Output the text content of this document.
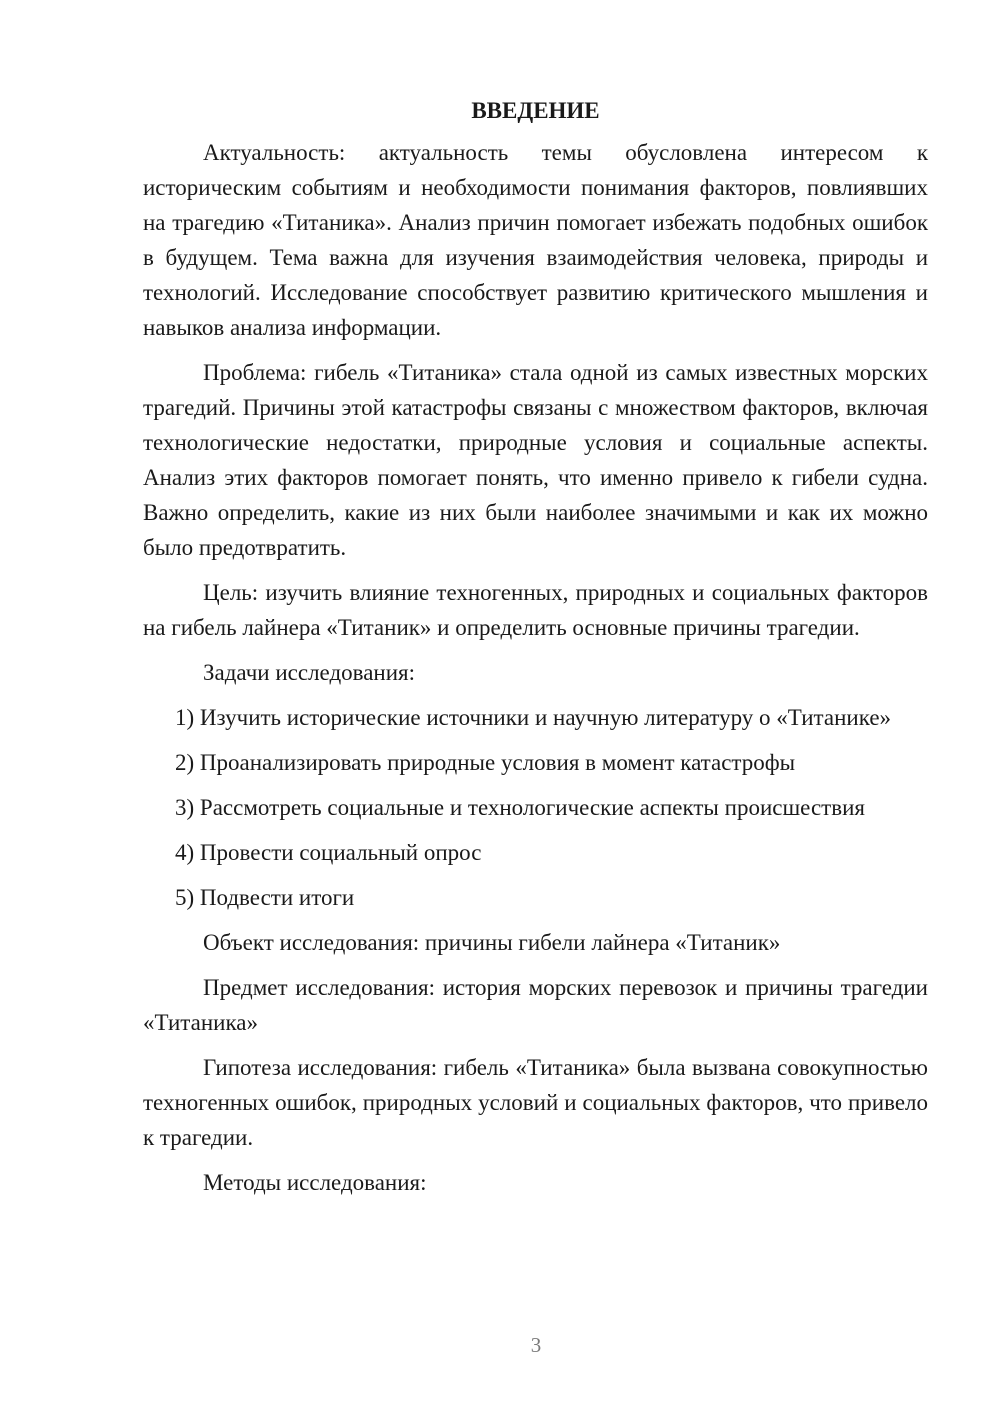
ВВЕДЕНИЕ

Актуальность: актуальность темы обусловлена интересом к историческим событиям и необходимости понимания факторов, повлиявших на трагедию «Титаника». Анализ причин помогает избежать подобных ошибок в будущем. Тема важна для изучения взаимодействия человека, природы и технологий. Исследование способствует развитию критического мышления и навыков анализа информации.

Проблема: гибель «Титаника» стала одной из самых известных морских трагедий. Причины этой катастрофы связаны с множеством факторов, включая технологические недостатки, природные условия и социальные аспекты. Анализ этих факторов помогает понять, что именно привело к гибели судна. Важно определить, какие из них были наиболее значимыми и как их можно было предотвратить.

Цель: изучить влияние техногенных, природных и социальных факторов на гибель лайнера «Титаник» и определить основные причины трагедии.

Задачи исследования:

1) Изучить исторические источники и научную литературу о «Титанике»

2) Проанализировать природные условия в момент катастрофы

3) Рассмотреть социальные и технологические аспекты происшествия

4) Провести социальный опрос

5) Подвести итоги

Объект исследования: причины гибели лайнера «Титаник»

Предмет исследования: история морских перевозок и причины трагедии «Титаника»

Гипотеза исследования: гибель «Титаника» была вызвана совокупностью техногенных ошибок, природных условий и социальных факторов, что привело к трагедии.

Методы исследования:

3
